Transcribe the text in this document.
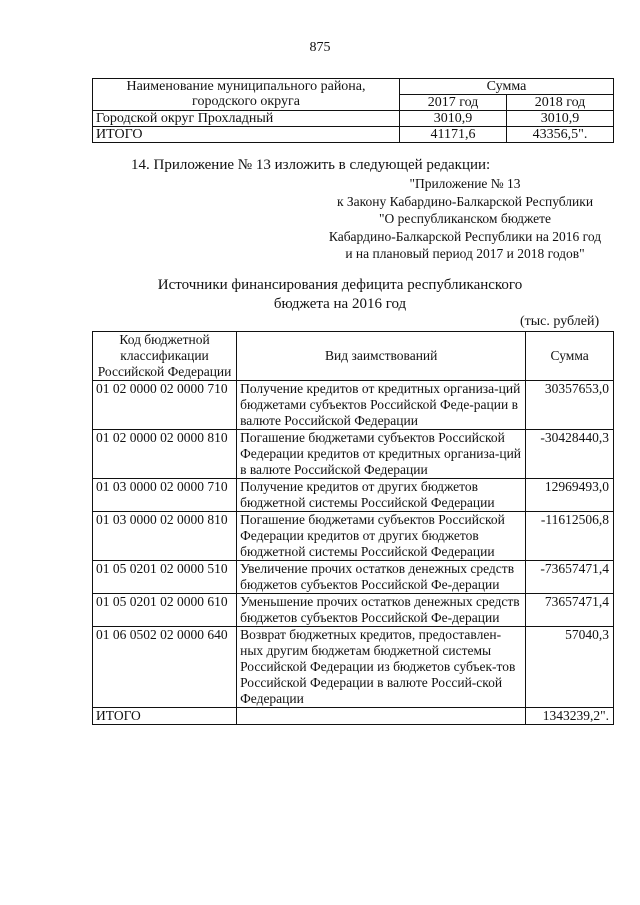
875
Наименование муниципального района, городского округа	Сумма	
	2017 год	2018 год
Городской округ Прохладный	3010,9	3010,9
ИТОГО	41171,6	43356,5".
14. Приложение № 13 изложить в следующей редакции:
"Приложение № 13
к Закону Кабардино-Балкарской Республики
"О республиканском бюджете
Кабардино-Балкарской Республики на 2016 год
и на плановый период 2017 и 2018 годов"
Источники финансирования дефицита республиканского
бюджета на 2016 год
(тыс. рублей)
Код бюджетной классификации Российской Федерации	Вид заимствований	Сумма
01 02 0000 02 0000 710	Получение кредитов от кредитных организа-ций бюджетами субъектов Российской Феде-рации в валюте Российской Федерации	30357653,0
01 02 0000 02 0000 810	Погашение бюджетами субъектов Российской Федерации кредитов от кредитных организа-ций в валюте Российской Федерации	-30428440,3
01 03 0000 02 0000 710	Получение кредитов от других бюджетов бюджетной системы Российской Федерации	12969493,0
01 03 0000 02 0000 810	Погашение бюджетами субъектов Российской Федерации кредитов от других бюджетов бюджетной системы Российской Федерации	-11612506,8
01 05 0201 02 0000 510	Увеличение прочих остатков денежных средств бюджетов субъектов Российской Фе-дерации	-73657471,4
01 05 0201 02 0000 610	Уменьшение прочих остатков денежных средств бюджетов субъектов Российской Фе-дерации	73657471,4
01 06 0502 02 0000 640	Возврат бюджетных кредитов, предоставлен-ных другим бюджетам бюджетной системы Российской Федерации из бюджетов субъек-тов Российской Федерации в валюте Россий-ской Федерации	57040,3
ИТОГО		1343239,2".
